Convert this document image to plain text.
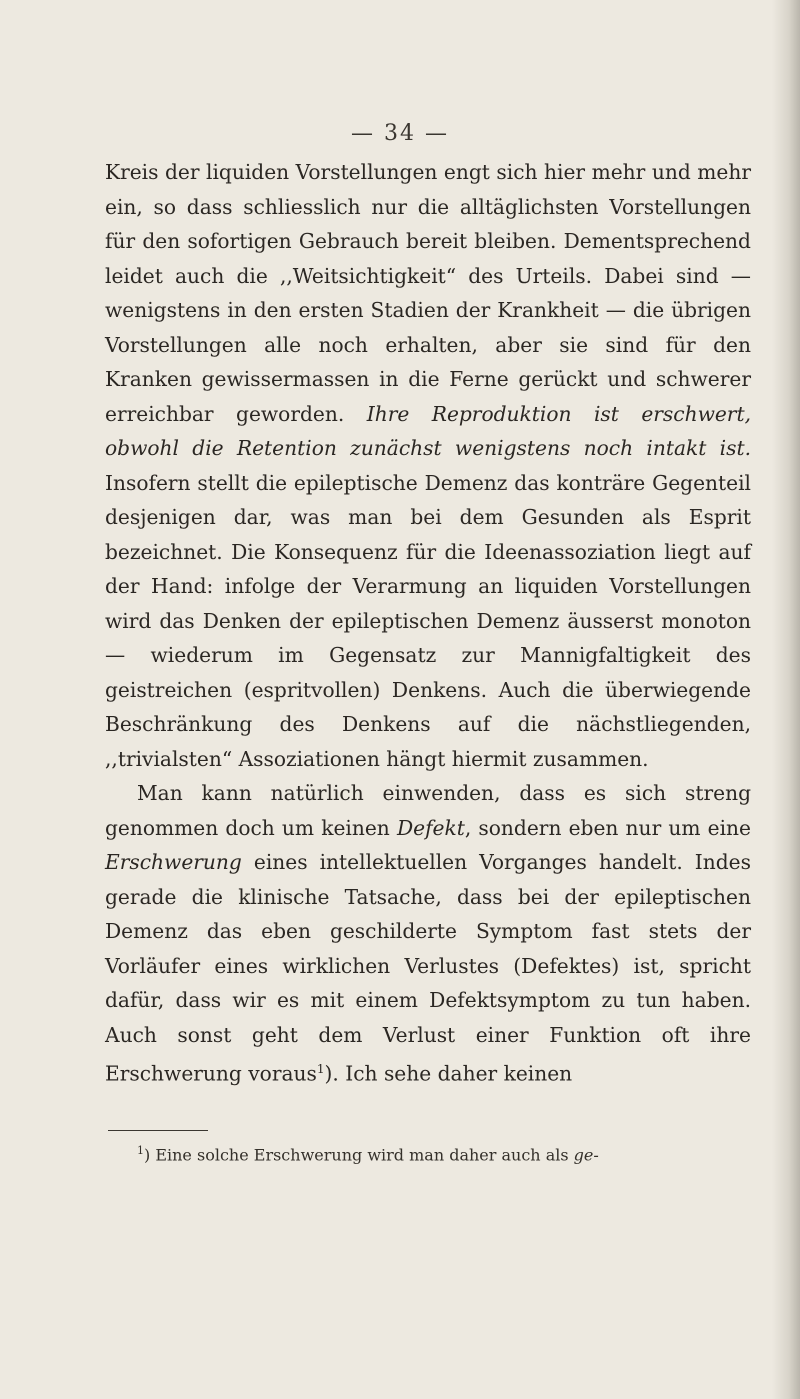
— 34 —

Kreis der liquiden Vorstellungen engt sich hier mehr und mehr ein, so dass schliesslich nur die alltäglichsten Vorstellungen für den sofortigen Gebrauch bereit bleiben. Dementsprechend leidet auch die ,,Weitsichtigkeit“ des Urteils. Dabei sind — wenigstens in den ersten Stadien der Krankheit — die übrigen Vorstellungen alle noch erhalten, aber sie sind für den Kranken gewissermassen in die Ferne gerückt und schwerer erreichbar geworden. Ihre Reproduktion ist erschwert, obwohl die Retention zunächst wenigstens noch intakt ist. Insofern stellt die epileptische Demenz das konträre Gegenteil desjenigen dar, was man bei dem Gesunden als Esprit bezeichnet. Die Konsequenz für die Ideenassoziation liegt auf der Hand: infolge der Verarmung an liquiden Vorstellungen wird das Denken der epileptischen Demenz äusserst monoton — wiederum im Gegensatz zur Mannigfaltigkeit des geistreichen (espritvollen) Denkens. Auch die überwiegende Beschränkung des Denkens auf die nächstliegenden, ,,trivialsten“ Assoziationen hängt hiermit zusammen.

Man kann natürlich einwenden, dass es sich streng genommen doch um keinen Defekt, sondern eben nur um eine Erschwerung eines intellektuellen Vorganges handelt. Indes gerade die klinische Tatsache, dass bei der epileptischen Demenz das eben geschilderte Symptom fast stets der Vorläufer eines wirklichen Verlustes (Defektes) ist, spricht dafür, dass wir es mit einem Defektsymptom zu tun haben. Auch sonst geht dem Verlust einer Funktion oft ihre Erschwerung voraus$^1$). Ich sehe daher keinen

$^1$) Eine solche Erschwerung wird man daher auch als ge-
